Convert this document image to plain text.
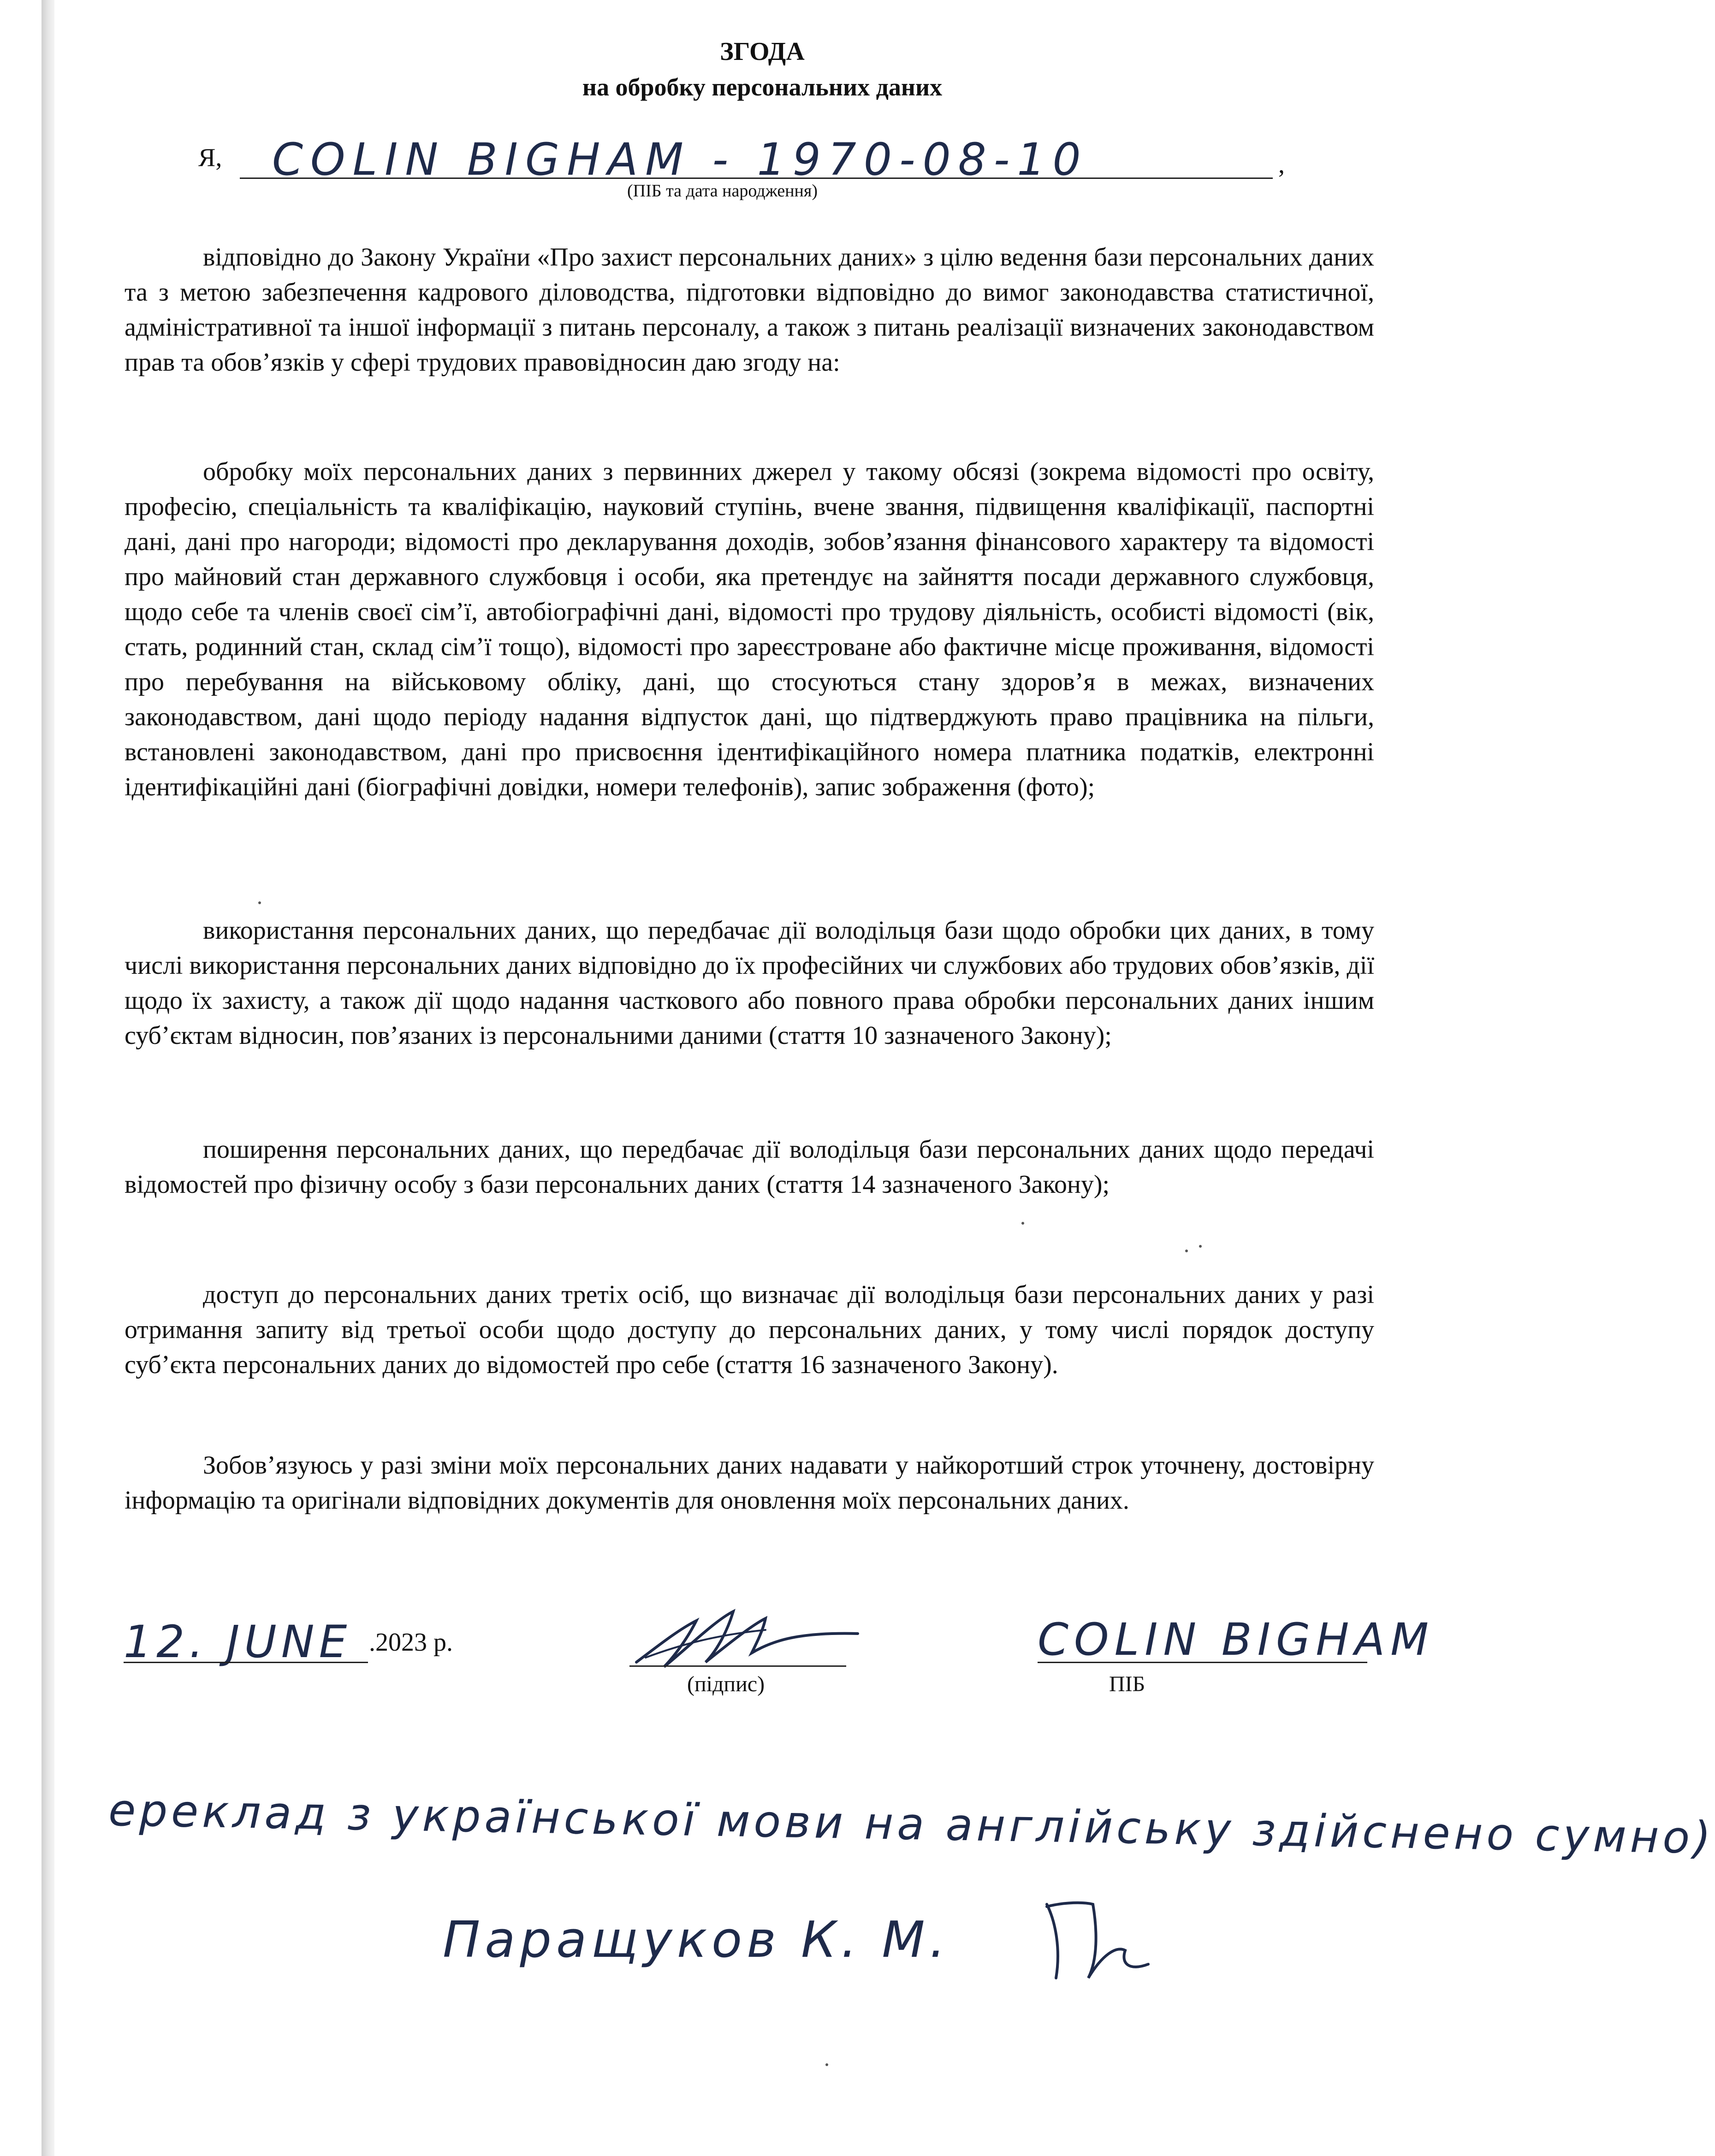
ЗГОДА
на обробку персональних даних
Я, COLIN BIGHAM - 1970-08-10	,
(ПІБ та дата народження)

відповідно до Закону України «Про захист персональних даних» з цілю ведення бази персональних даних та з метою забезпечення кадрового діловодства, підготовки відповідно до вимог законодавства статистичної, адміністративної та іншої інформації з питань персоналу, а також з питань реалізації визначених законодавством прав та обов’язків у сфері трудових правовідносин даю згоду на:

обробку моїх персональних даних з первинних джерел у такому обсязі (зокрема відомості про освіту, професію, спеціальність та кваліфікацію, науковий ступінь, вчене звання, підвищення кваліфікації, паспортні дані, дані про нагороди; відомості про декларування доходів, зобов’язання фінансового характеру та відомості про майновий стан державного службовця і особи, яка претендує на зайняття посади державного службовця, щодо себе та членів своєї сім’ї, автобіографічні дані, відомості про трудову діяльність, особисті відомості (вік, стать, родинний стан, склад сім’ї тощо), відомості про зареєстроване або фактичне місце проживання, відомості про перебування на військовому обліку, дані, що стосуються стану здоров’я в межах, визначених законодавством, дані щодо періоду надання відпусток дані, що підтверджують право працівника на пільги, встановлені законодавством, дані про присвоєння ідентифікаційного номера платника податків, електронні ідентифікаційні дані (біографічні довідки, номери телефонів), запис зображення (фото);

використання персональних даних, що передбачає дії володільця бази щодо обробки цих даних, в тому числі використання персональних даних відповідно до їх професійних чи службових або трудових обов’язків, дії щодо їх захисту, а також дії щодо надання часткового або повного права обробки персональних даних іншим суб’єктам відносин, пов’язаних із персональними даними (стаття 10 зазначеного Закону);

поширення персональних даних, що передбачає дії володільця бази персональних даних щодо передачі відомостей про фізичну особу з бази персональних даних (стаття 14 зазначеного Закону);

доступ до персональних даних третіх осіб, що визначає дії володільця бази персональних даних у разі отримання запиту від третьої особи щодо доступу до персональних даних, у тому числі порядок доступу суб’єкта персональних даних до відомостей про себе (стаття 16 зазначеного Закону).

Зобов’язуюсь у разі зміни моїх персональних даних надавати у найкоротший строк уточнену, достовірну інформацію та оригінали відповідних документів для оновлення моїх персональних даних.

12. JUNE .2023 р.
(підпис)
COLIN BIGHAM
ПІБ
ереклад з української мови на англійську здійснено сумно)
Паращуков К. М.
